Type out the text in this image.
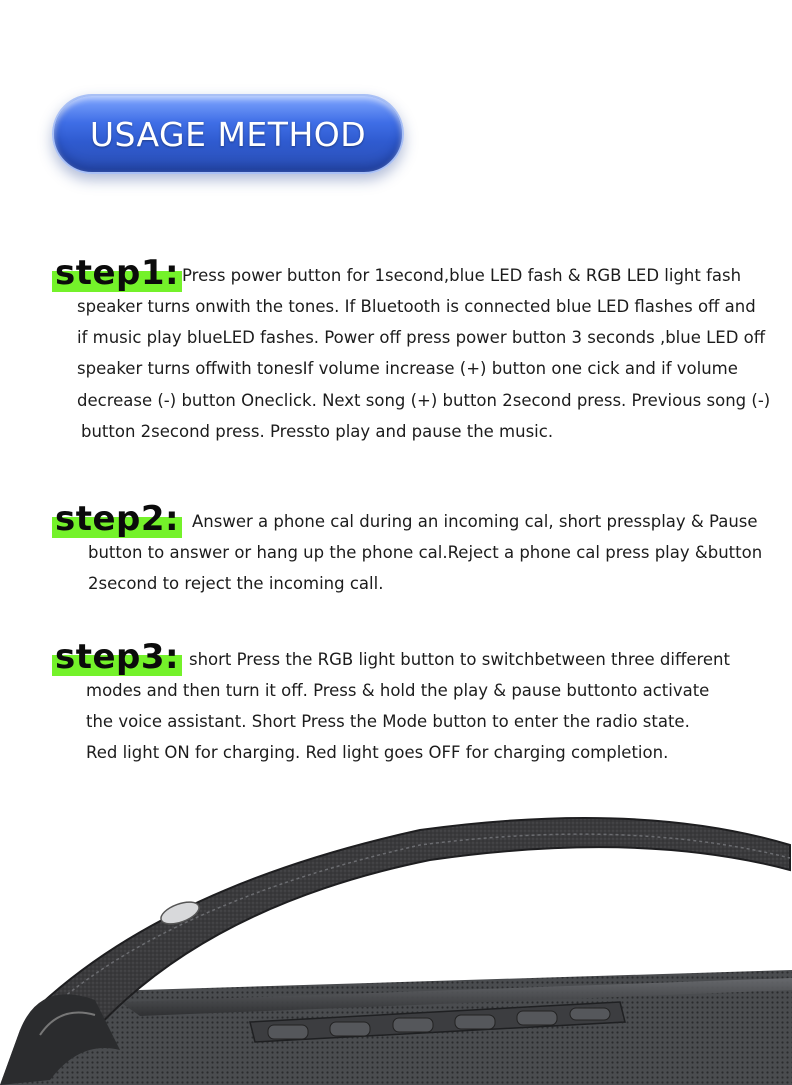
USAGE METHOD
step1: Press power button for 1second,blue LED fash & RGB LED light fash
speaker turns onwith the tones. If Bluetooth is connected blue LED flashes off and
if music play blueLED fashes. Power off press power button 3 seconds ,blue LED off
speaker turns offwith tonesIf volume increase (+) button one cick and if volume
decrease (-) button Oneclick. Next song (+) button 2second press. Previous song (-)
button 2second press. Pressto play and pause the music.
step2: Answer a phone cal during an incoming cal, short pressplay & Pause
button to answer or hang up the phone cal.Reject a phone cal press play &button
2second to reject the incoming call.
step3: short Press the RGB light button to switchbetween three different
modes and then turn it off. Press & hold the play & pause buttonto activate
the voice assistant. Short Press the Mode button to enter the radio state.
Red light ON for charging. Red light goes OFF for charging completion.
